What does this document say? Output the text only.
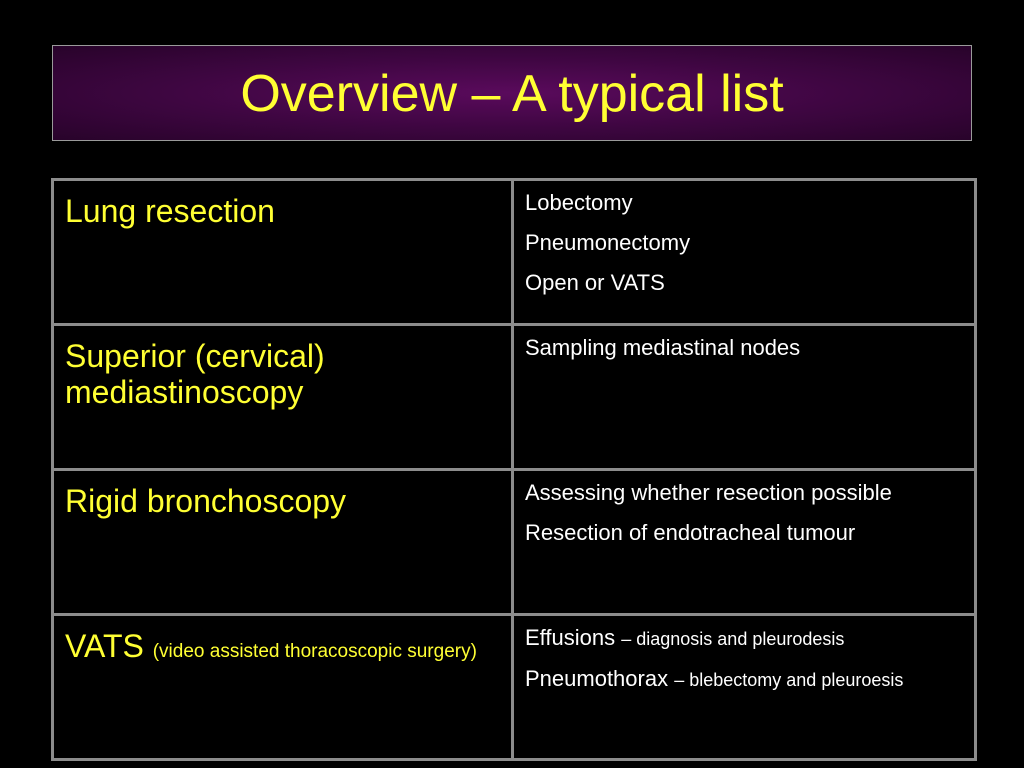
Overview – A typical list
Lung resection	Lobectomy

Pneumonectomy

Open or VATS

Superior (cervical) mediastinoscopy	Sampling mediastinal nodes

Rigid bronchoscopy	Assessing whether resection possible

Resection of endotracheal tumour

VATS (video assisted thoracoscopic surgery)	Effusions – diagnosis and pleurodesis

Pneumothorax – blebectomy and pleuroesis
